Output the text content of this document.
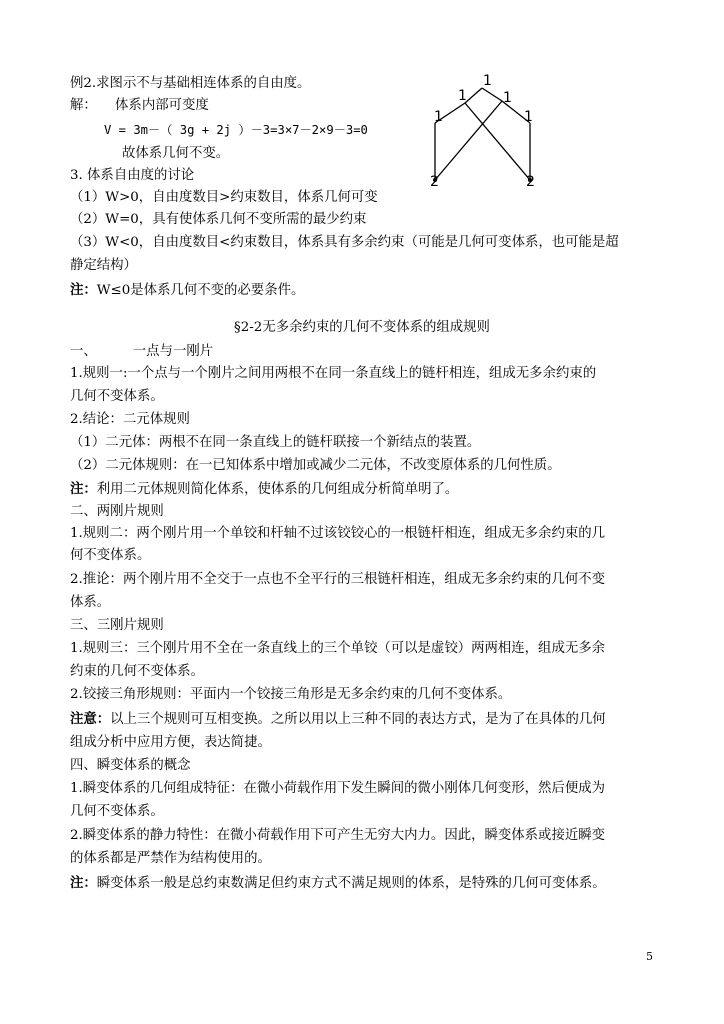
例2.求图示不与基础相连体系的自由度。
解： 体系内部可变度
V = 3m－（ 3g + 2j ）－3=3×7－2×9－3=0
故体系几何不变。
1
1	1
1	1
2	2
3. 体系自由度的讨论
（1）W>0，自由度数目>约束数目，体系几何可变
（2）W=0，具有使体系几何不变所需的最少约束
（3）W<0，自由度数目<约束数目，体系具有多余约束（可能是几何可变体系，也可能是超
静定结构）
注：W≤0是体系几何不变的必要条件。
§2-2无多余约束的几何不变体系的组成规则
一、	一点与一刚片
1.规则一:一个点与一个刚片之间用两根不在同一条直线上的链杆相连，组成无多余约束的
几何不变体系。
2.结论：二元体规则
（1）二元体：两根不在同一条直线上的链杆联接一个新结点的装置。
（2）二元体规则：在一已知体系中增加或减少二元体，不改变原体系的几何性质。
注：利用二元体规则简化体系，使体系的几何组成分析简单明了。
二、两刚片规则
1.规则二：两个刚片用一个单铰和杆轴不过该铰铰心的一根链杆相连，组成无多余约束的几
何不变体系。
2.推论：两个刚片用不全交于一点也不全平行的三根链杆相连，组成无多余约束的几何不变
体系。
三、三刚片规则
1.规则三：三个刚片用不全在一条直线上的三个单铰（可以是虚铰）两两相连，组成无多余
约束的几何不变体系。
2.铰接三角形规则：平面内一个铰接三角形是无多余约束的几何不变体系。
注意：以上三个规则可互相变换。之所以用以上三种不同的表达方式，是为了在具体的几何
组成分析中应用方便，表达简捷。
四、瞬变体系的概念
1.瞬变体系的几何组成特征：在微小荷载作用下发生瞬间的微小刚体几何变形，然后便成为
几何不变体系。
2.瞬变体系的静力特性：在微小荷载作用下可产生无穷大内力。因此，瞬变体系或接近瞬变
的体系都是严禁作为结构使用的。
注：瞬变体系一般是总约束数满足但约束方式不满足规则的体系，是特殊的几何可变体系。
5
